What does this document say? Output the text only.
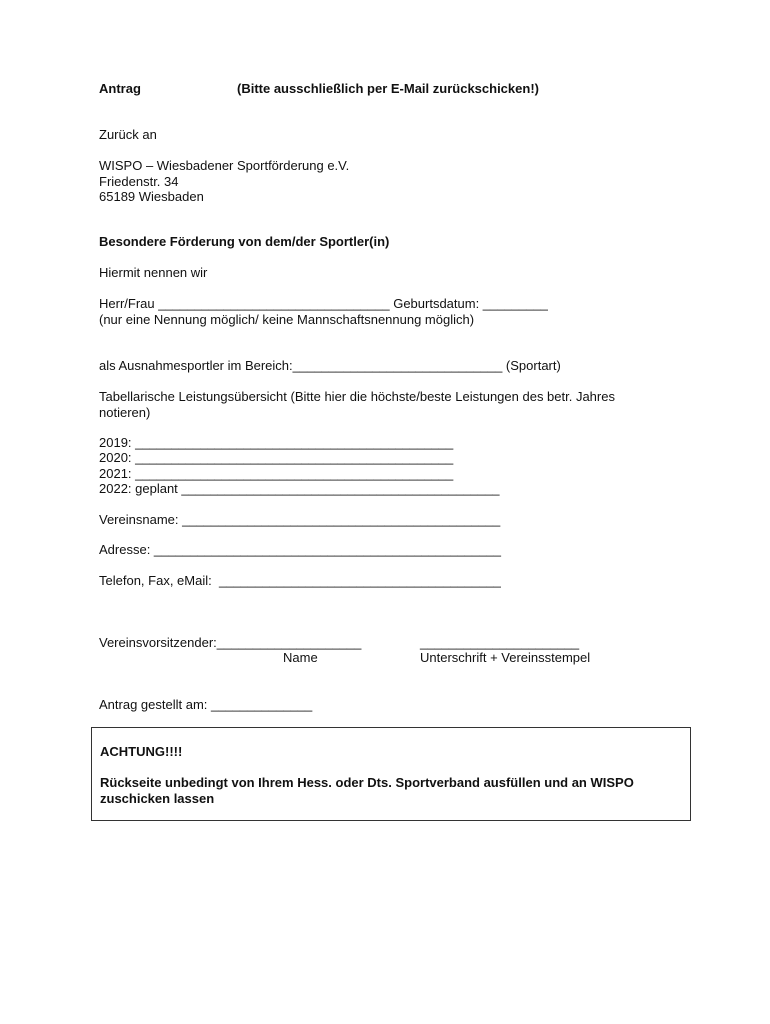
Antrag	(Bitte ausschließlich per E-Mail zurückschicken!)
Zurück an
WISPO – Wiesbadener Sportförderung e.V.
Friedenstr. 34
65189 Wiesbaden
Besondere Förderung von dem/der Sportler(in)
Hiermit nennen wir
Herr/Frau ________________________________ Geburtsdatum: _________
(nur eine Nennung möglich/ keine Mannschaftsnennung möglich)
als Ausnahmesportler im Bereich:_____________________________ (Sportart)
Tabellarische Leistungsübersicht (Bitte hier die höchste/beste Leistungen des betr. Jahres
notieren)
2019: ____________________________________________
2020: ____________________________________________
2021: ____________________________________________
2022: geplant ____________________________________________
Vereinsname: ____________________________________________
Adresse: ________________________________________________
Telefon, Fax, eMail:  _______________________________________
Vereinsvorsitzender:____________________	______________________
Name	Unterschrift + Vereinsstempel
Antrag gestellt am: ______________
ACHTUNG!!!!
Rückseite unbedingt von Ihrem Hess. oder Dts. Sportverband ausfüllen und an WISPO
zuschicken lassen
